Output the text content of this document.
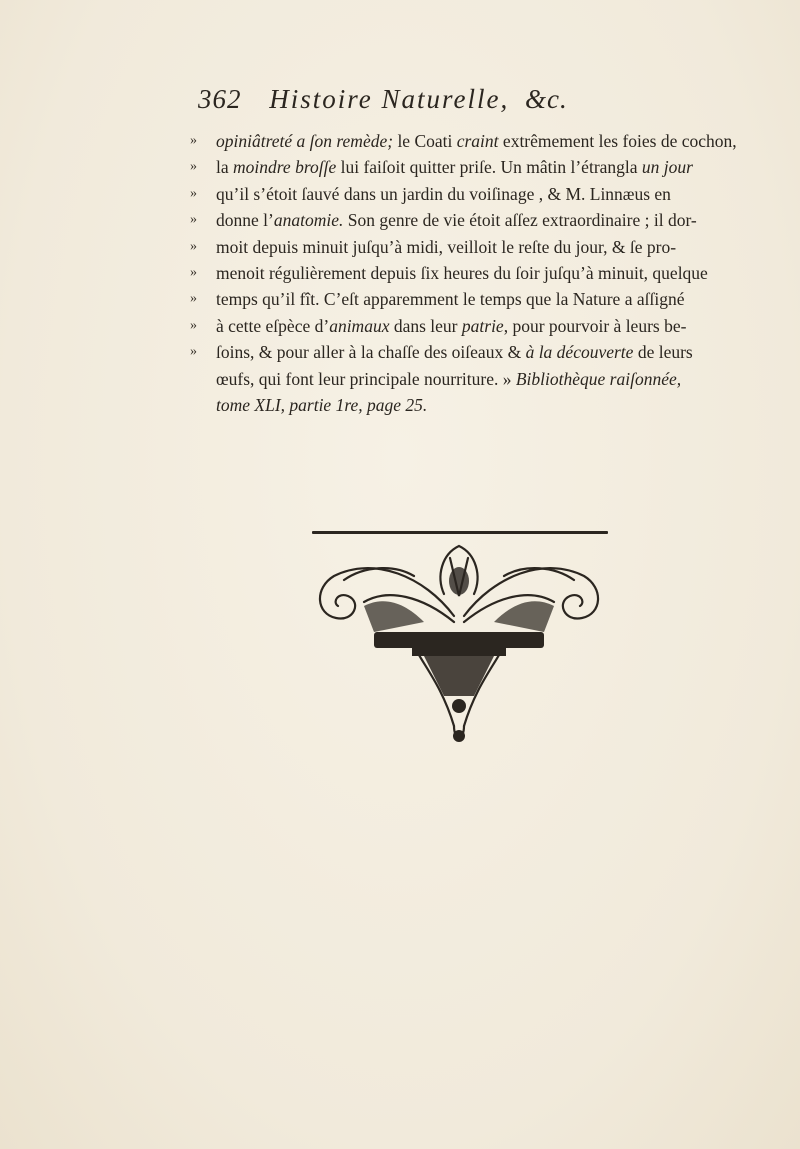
362 Histoire Naturelle, &c.
» opiniâtreté a ſon remède; le Coati craint extrêmement les foies de cochon,
» la moindre broſſe lui faiſoit quitter priſe. Un mâtin l’étrangla un jour
» qu’il s’étoit ſauvé dans un jardin du voiſinage , & M. Linnæus en
» donne l’anatomie. Son genre de vie étoit aſſez extraordinaire ; il dor-
» moit depuis minuit juſqu’à midi, veilloit le reſte du jour, & ſe pro-
» menoit régulièrement depuis ſix heures du ſoir juſqu’à minuit, quelque
» temps qu’il fît. C’eſt apparemment le temps que la Nature a aſſigné
» à cette eſpèce d’animaux dans leur patrie, pour pourvoir à leurs be-
» ſoins, & pour aller à la chaſſe des oiſeaux & à la découverte de leurs
œufs, qui font leur principale nourriture. » Bibliothèque raiſonnée,
tome XLI, partie 1re, page 25.
